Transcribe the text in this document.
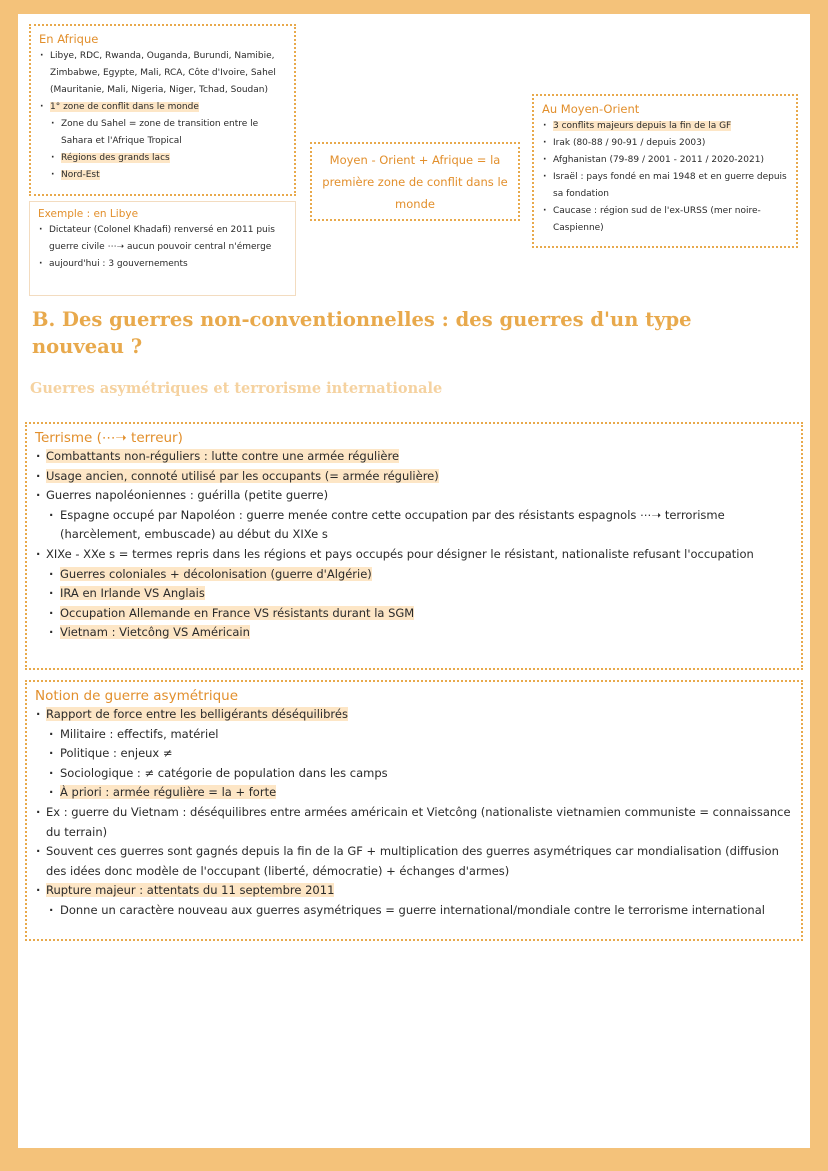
En Afrique
· Libye, RDC, Rwanda, Ouganda, Burundi, Namibie, Zimbabwe, Egypte, Mali, RCA, Côte d'Ivoire, Sahel (Mauritanie, Mali, Nigeria, Niger, Tchad, Soudan)
· 1° zone de conflit dans le monde
· Zone du Sahel = zone de transition entre le Sahara et l'Afrique Tropical
· Régions des grands lacs
· Nord-Est
Exemple : en Libye
· Dictateur (Colonel Khadafi) renversé en 2011 puis guerre civile ⋯➝ aucun pouvoir central n'émerge
· aujourd'hui : 3 gouvernements
Moyen - Orient + Afrique = la première zone de conflit dans le monde
Au Moyen-Orient
· 3 conflits majeurs depuis la fin de la GF
· Irak (80-88 / 90-91 / depuis 2003)
· Afghanistan (79-89 / 2001 - 2011 / 2020-2021)
· Israël : pays fondé en mai 1948 et en guerre depuis sa fondation
· Caucase : région sud de l'ex-URSS (mer noire-Caspienne)
B. Des guerres non-conventionnelles : des guerres d'un type nouveau ?
Guerres asymétriques et terrorisme internationale
Terrisme (⋯➝ terreur)
· Combattants non-réguliers : lutte contre une armée régulière
· Usage ancien, connoté utilisé par les occupants (= armée régulière)
· Guerres napoléoniennes : guérilla (petite guerre)
· Espagne occupé par Napoléon : guerre menée contre cette occupation par des résistants espagnols ⋯➝ terrorisme (harcèlement, embuscade) au début du XIXe s
· XIXe - XXe s = termes repris dans les régions et pays occupés pour désigner le résistant, nationaliste refusant l'occupation
· Guerres coloniales + décolonisation (guerre d'Algérie)
· IRA en Irlande VS Anglais
· Occupation Allemande en France VS résistants durant la SGM
· Vietnam : Vietcông VS Américain
Notion de guerre asymétrique
· Rapport de force entre les belligérants déséquilibrés
· Militaire : effectifs, matériel
· Politique : enjeux ≠
· Sociologique : ≠ catégorie de population dans les camps
· À priori : armée régulière = la + forte
· Ex : guerre du Vietnam : déséquilibres entre armées américain et Vietcông (nationaliste vietnamien communiste = connaissance du terrain)
· Souvent ces guerres sont gagnés depuis la fin de la GF + multiplication des guerres asymétriques car mondialisation (diffusion des idées donc modèle de l'occupant (liberté, démocratie) + échanges d'armes)
· Rupture majeur : attentats du 11 septembre 2011
· Donne un caractère nouveau aux guerres asymétriques = guerre international/mondiale contre le terrorisme international
